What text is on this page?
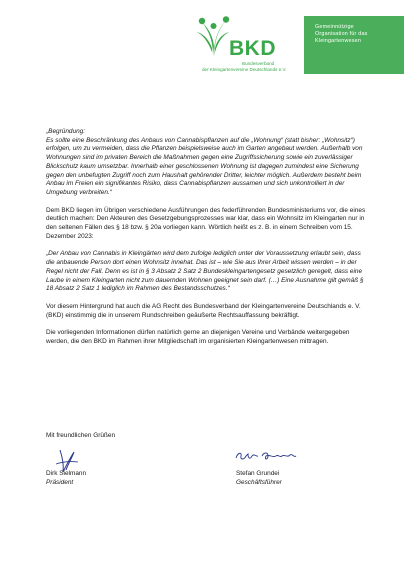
BKD
Bundesverband
der Kleingartenvereine Deutschlands e.V.
Gemeinnützige
Organisation für das
Kleingartenwesen

„Begründung:
Es sollte eine Beschränkung des Anbaus von Cannabispflanzen auf die „Wohnung“ (statt bisher: „Wohnsitz“) erfolgen, um zu vermeiden, dass die Pflanzen beispielsweise auch im Garten angebaut werden. Außerhalb von Wohnungen sind im privaten Bereich die Maßnahmen gegen eine Zugriffssicherung sowie ein zuverlässiger Blickschutz kaum umsetzbar. Innerhalb einer geschlossenen Wohnung ist dagegen zumindest eine Sicherung gegen den unbefugten Zugriff noch zum Haushalt gehörender Dritter, leichter möglich. Außerdem besteht beim Anbau im Freien ein signifikantes Risiko, dass Cannabispflanzen aussamen und sich unkontrolliert in der Umgebung verbreiten.“

Dem BKD liegen im Übrigen verschiedene Ausführungen des federführenden Bundesministeriums vor, die eines deutlich machen: Den Akteuren des Gesetzgebungsprozesses war klar, dass ein Wohnsitz im Kleingarten nur in den seltenen Fällen des § 18 bzw. § 20a vorliegen kann. Wörtlich heißt es z. B. in einem Schreiben vom 15. Dezember 2023:

„Der Anbau von Cannabis in Kleingärten wird dem zufolge lediglich unter der Voraussetzung erlaubt sein, dass die anbauende Person dort einen Wohnsitz innehat. Das ist – wie Sie aus Ihrer Arbeit wissen werden – in der Regel nicht der Fall. Denn es ist in § 3 Absatz 2 Satz 2 Bundeskleingartengesetz gesetzlich geregelt, dass eine Laube in einem Kleingarten nicht zum dauernden Wohnen geeignet sein darf. (…) Eine Ausnahme gilt gemäß § 18 Absatz 2 Satz 1 lediglich im Rahmen des Bestandsschutzes.“

Vor diesem Hintergrund hat auch die AG Recht des Bundesverband der Kleingartenvereine Deutschlands e. V. (BKD) einstimmig die in unserem Rundschreiben geäußerte Rechtsauffassung bekräftigt.

Die vorliegenden Informationen dürfen natürlich gerne an diejenigen Vereine und Verbände weitergegeben werden, die den BKD im Rahmen ihrer Mitgliedschaft im organisierten Kleingartenwesen mittragen.

Mit freundlichen Grüßen
Dirk Sielmann
Präsident
Stefan Grundei
Geschäftsführer
